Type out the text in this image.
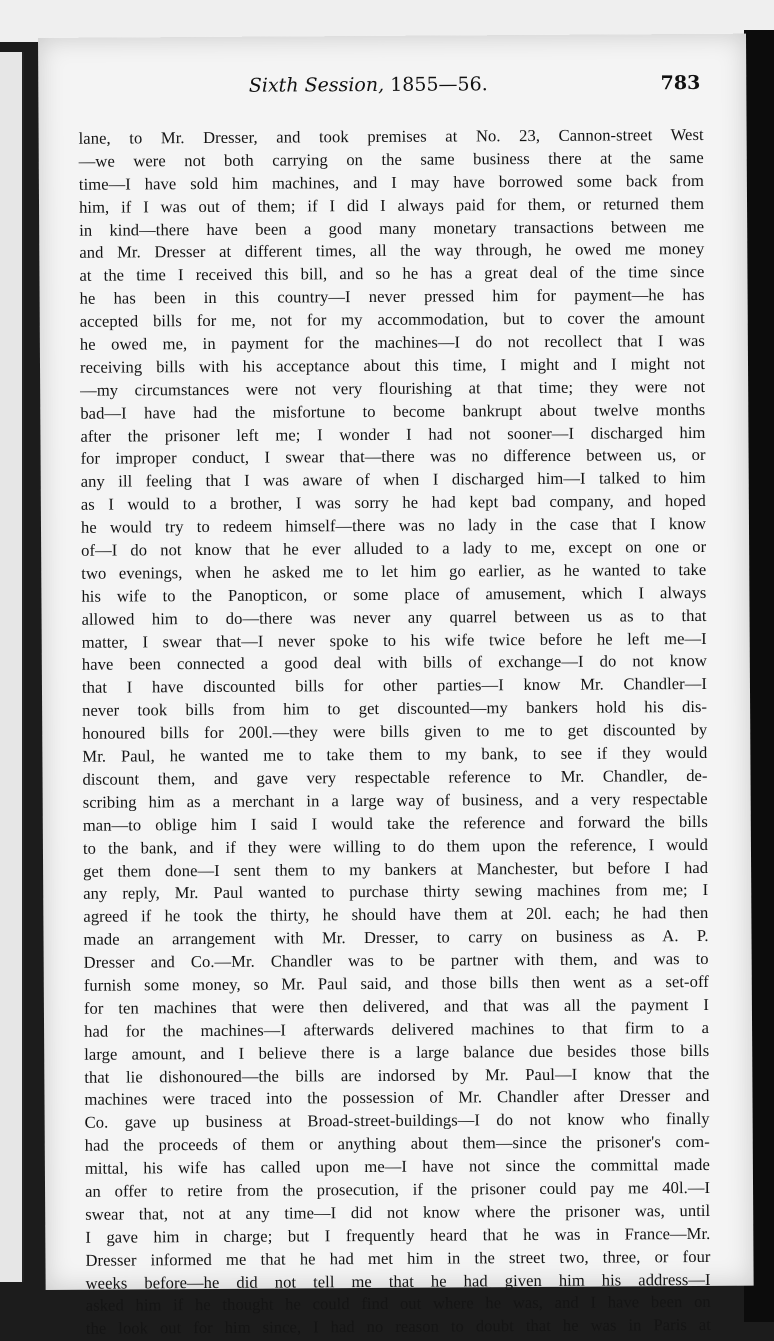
Sixth Session, 1855—56.	783
lane, to Mr. Dresser, and took premises at No. 23, Cannon-street West
—we were not both carrying on the same business there at the same
time—I have sold him machines, and I may have borrowed some back from
him, if I was out of them; if I did I always paid for them, or returned them
in kind—there have been a good many monetary transactions between me
and Mr. Dresser at different times, all the way through, he owed me money
at the time I received this bill, and so he has a great deal of the time since
he has been in this country—I never pressed him for payment—he has
accepted bills for me, not for my accommodation, but to cover the amount
he owed me, in payment for the machines—I do not recollect that I was
receiving bills with his acceptance about this time, I might and I might not
—my circumstances were not very flourishing at that time; they were not
bad—I have had the misfortune to become bankrupt about twelve months
after the prisoner left me; I wonder I had not sooner—I discharged him
for improper conduct, I swear that—there was no difference between us, or
any ill feeling that I was aware of when I discharged him—I talked to him
as I would to a brother, I was sorry he had kept bad company, and hoped
he would try to redeem himself—there was no lady in the case that I know
of—I do not know that he ever alluded to a lady to me, except on one or
two evenings, when he asked me to let him go earlier, as he wanted to take
his wife to the Panopticon, or some place of amusement, which I always
allowed him to do—there was never any quarrel between us as to that
matter, I swear that—I never spoke to his wife twice before he left me—I
have been connected a good deal with bills of exchange—I do not know
that I have discounted bills for other parties—I know Mr. Chandler—I
never took bills from him to get discounted—my bankers hold his dis-
honoured bills for 200l.—they were bills given to me to get discounted by
Mr. Paul, he wanted me to take them to my bank, to see if they would
discount them, and gave very respectable reference to Mr. Chandler, de-
scribing him as a merchant in a large way of business, and a very respectable
man—to oblige him I said I would take the reference and forward the bills
to the bank, and if they were willing to do them upon the reference, I would
get them done—I sent them to my bankers at Manchester, but before I had
any reply, Mr. Paul wanted to purchase thirty sewing machines from me; I
agreed if he took the thirty, he should have them at 20l. each; he had then
made an arrangement with Mr. Dresser, to carry on business as A. P.
Dresser and Co.—Mr. Chandler was to be partner with them, and was to
furnish some money, so Mr. Paul said, and those bills then went as a set-off
for ten machines that were then delivered, and that was all the payment I
had for the machines—I afterwards delivered machines to that firm to a
large amount, and I believe there is a large balance due besides those bills
that lie dishonoured—the bills are indorsed by Mr. Paul—I know that the
machines were traced into the possession of Mr. Chandler after Dresser and
Co. gave up business at Broad-street-buildings—I do not know who finally
had the proceeds of them or anything about them—since the prisoner's com-
mittal, his wife has called upon me—I have not since the committal made
an offer to retire from the prosecution, if the prisoner could pay me 40l.—I
swear that, not at any time—I did not know where the prisoner was, until
I gave him in charge; but I frequently heard that he was in France—Mr.
Dresser informed me that he had met him in the street two, three, or four
weeks before—he did not tell me that he had given him his address—I
asked him if he thought he could find out where he was, and I have been on
the look out for him since, I had no reason to doubt that he was in Paris at
